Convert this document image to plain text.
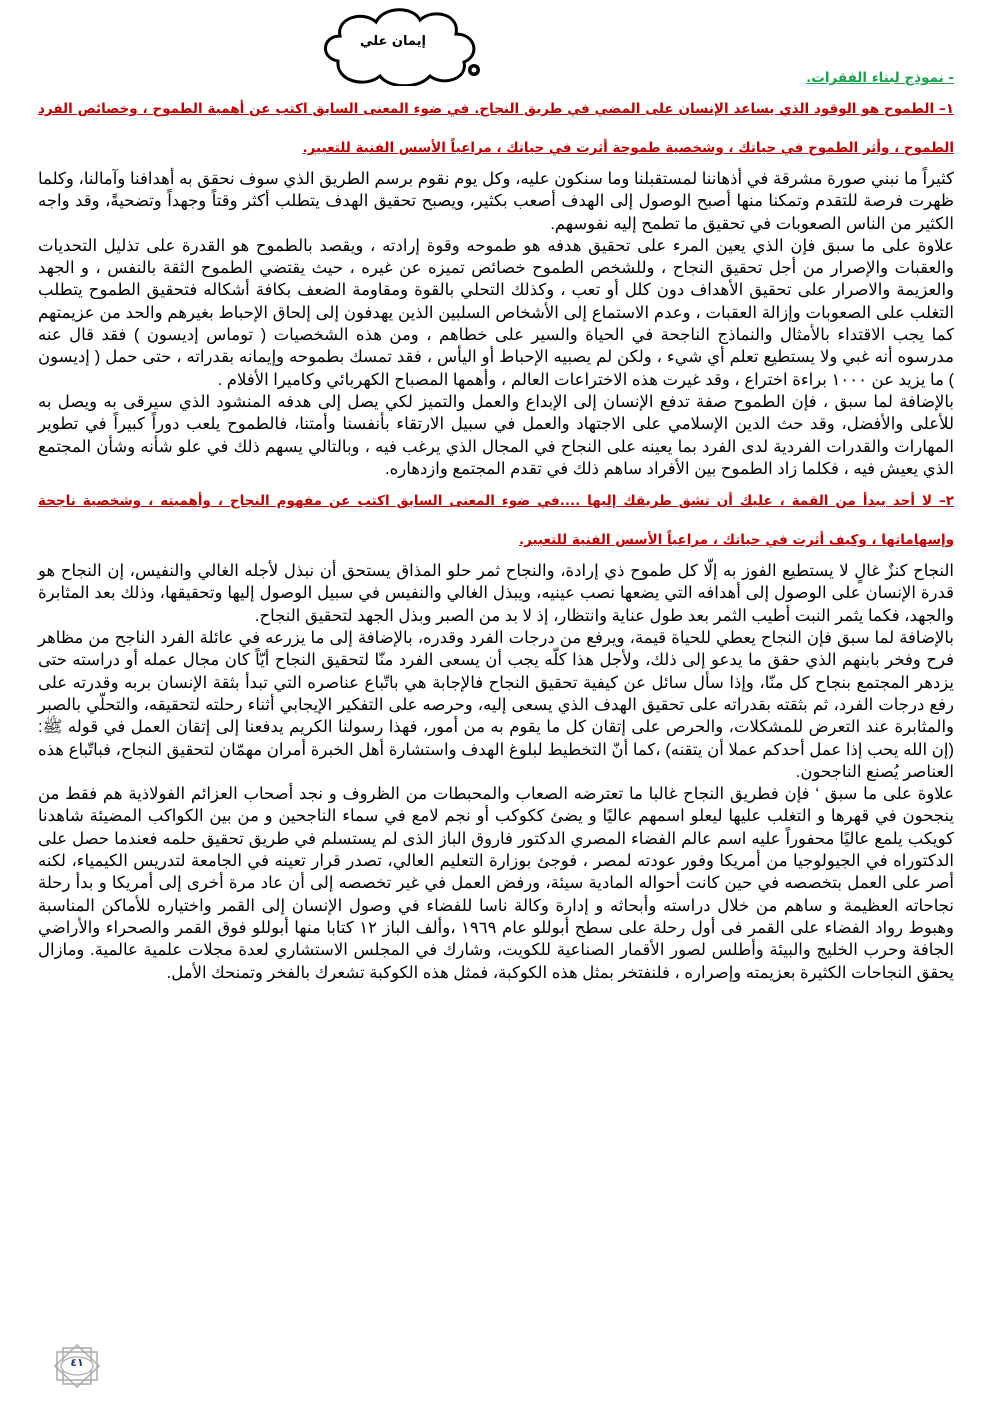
إيمان علي
- نموذج لبناء الفقرات.

١– الطموح هو الوقود الذي يساعد الإنسان على المضي في طريق النجاح. في ضوء المعنى السابق اكتب عن أهمية الطموح ، وخصائص الفرد الطموح ، وأثر الطموح في حياتك ، وشخصية طموحة أثرت في حياتك ، مراعياً الأسس الفنية للتعبير.

كثيراً ما نبني صورة مشرقة في أذهاننا لمستقبلنا وما سنكون عليه، وكل يوم نقوم برسم الطريق الذي سوف نحقق به أهدافنا وآمالنا، وكلما ظهرت فرصة للتقدم وتمكنا منها أصبح الوصول إلى الهدف أصعب بكثير، ويصبح تحقيق الهدف يتطلب أكثر وقتاً وجهداً وتضحيةً، وقد واجه الكثير من الناس الصعوبات في تحقيق ما تطمح إليه نفوسهم.

علاوة على ما سبق فإن الذي يعين المرء على تحقيق هدفه هو طموحه وقوة إرادته ، ويقصد بالطموح هو القدرة على تذليل التحديات والعقبات والإصرار من أجل تحقيق النجاح ، وللشخص الطموح خصائص تميزه عن غيره ، حيث يقتضي الطموح الثقة بالنفس ، و الجهد والعزيمة والاصرار على تحقيق الأهداف دون كلل أو تعب ، وكذلك التحلي بالقوة ومقاومة الضعف بكافة أشكاله فتحقيق الطموح يتطلب التغلب على الصعوبات وإزالة العقبات ، وعدم الاستماع إلى الأشخاص السلبين الذين يهدفون إلى إلحاق الإحباط بغيرهم والحد من عزيمتهم كما يجب الاقتداء بالأمثال والنماذج الناجحة في الحياة والسير على خطاهم ، ومن هذه الشخصيات ( توماس إديسون ) فقد قال عنه مدرسوه أنه غبي ولا يستطيع تعلم أي شيء ، ولكن لم يصبيه الإحباط أو اليأس ، فقد تمسك بطموحه وإيمانه بقدراته ، حتى حمل ( إديسون ) ما يزيد عن ١٠٠٠ براءة اختراع ، وقد غيرت هذه الاختراعات العالم ، وأهمها المصباح الكهربائي وكاميرا الأفلام .

بالإضافة لما سبق ، فإن الطموح صفة تدفع الإنسان إلى الإبداع والعمل والتميز لكي يصل إلى هدفه المنشود الذي سيرقى به ويصل به للأعلى والأفضل، وقد حث الدين الإسلامي على الاجتهاد والعمل في سبيل الارتقاء بأنفسنا وأمتنا، فالطموح يلعب دوراً كبيراً في تطوير المهارات والقدرات الفردية لدى الفرد بما يعينه على النجاح في المجال الذي يرغب فيه ، وبالتالي يسهم ذلك في علو شأنه وشأن المجتمع الذي يعيش فيه ، فكلما زاد الطموح بين الأفراد ساهم ذلك في تقدم المجتمع وازدهاره.

٢– لا أحد يبدأ من القمة ، عليك أن تشق طريقك إليها ....في ضوء المعنى السابق اكتب عن مفهوم النجاح ، وأهميته ، وشخصية ناجحة وإسهاماتها ، وكيف أثرت في حياتك ، مراعياً الأسس الفنية للتعبير.

النجاح كنزٌ غالٍ لا يستطيع الفوز به إلّا كل طموح ذي إرادة، والنجاح ثمر حلو المذاق يستحق أن نبذل لأجله الغالي والنفيس، إن النجاح هو قدرة الإنسان على الوصول إلى أهدافه التي يضعها نصب عينيه، ويبذل الغالي والنفيس في سبيل الوصول إليها وتحقيقها، وذلك بعد المثابرة والجهد، فكما يثمر النبت أطيب الثمر بعد طول عناية وانتظار، إذ لا بد من الصبر وبذل الجهد لتحقيق النجاح.

بالإضافة لما سبق فإن النجاح يعطي للحياة قيمة، ويرفع من درجات الفرد وقدره، بالإضافة إلى ما يزرعه في عائلة الفرد الناجح من مظاهر فرح وفخر بابنهم الذي حقق ما يدعو إلى ذلك، ولأجل هذا كلّه يجب أن يسعى الفرد منّا لتحقيق النجاح أيّاً كان مجال عمله أو دراسته حتى يزدهر المجتمع بنجاح كل منّا، وإذا سأل سائل عن كيفية تحقيق النجاح فالإجابة هي باتّباع عناصره التي تبدأ بثقة الإنسان بربه وقدرته على رفع درجات الفرد، ثم بثقته بقدراته على تحقيق الهدف الذي يسعى إليه، وحرصه على التفكير الإيجابي أثناء رحلته لتحقيقه، والتحلّي بالصبر والمثابرة عند التعرض للمشكلات، والحرص على إتقان كل ما يقوم به من أمور، فهذا رسولنا الكريم يدفعنا إلى إتقان العمل في قوله ﷺ: (إن الله يحب إذا عمل أحدكم عملا أن يتقنه) ،كما أنّ التخطيط لبلوغ الهدف واستشارة أهل الخبرة أمران مهمّان لتحقيق النجاح، فباتّباع هذه العناصر يُصنع الناجحون.

علاوة على ما سبق ‘ فإن فطريق النجاح غالبا ما تعترضه الصعاب والمحبطات من الظروف و نجد أصحاب العزائم الفولاذية هم فقط من ينجحون في قهرها و التغلب عليها ليعلو اسمهم عاليًا و يضئ ككوكب أو نجم لامع في سماء الناجحين و من بين الكواكب المضيئة شاهدنا كويكب يلمع عاليًا محفوراً عليه اسم عالم الفضاء المصري الدكتور فاروق الباز الذى لم يستسلم في طريق تحقيق حلمه فعندما حصل على الدكتوراه في الجيولوجيا من أمريكا وفور عودته لمصر ، فوجئ بوزارة التعليم العالي، تصدر قرار تعينه في الجامعة لتدريس الكيمياء، لكنه أصر على العمل بتخصصه في حين كانت أحواله المادية سيئة، ورفض العمل في غير تخصصه إلى أن عاد مرة أخرى إلى أمريكا و بدأ رحلة نجاحاته العظيمة و ساهم من خلال دراسته وأبحاثه و إدارة وكالة ناسا للفضاء في وصول الإنسان إلى القمر واختياره للأماكن المناسبة وهبوط رواد الفضاء على القمر فى أول رحلة على سطح أبوللو عام ١٩٦٩ ،وألف الباز ١٢ كتابا منها أبوللو فوق القمر والصحراء والأراضي الجافة وحرب الخليج والبيئة وأطلس لصور الأقمار الصناعية للكويت، وشارك في المجلس الاستشاري لعدة مجلات علمية عالمية. ومازال يحقق النجاحات الكثيرة بعزيمته وإصراره ، فلنفتخر بمثل هذه الكوكبة، فمثل هذه الكوكبة تشعرك بالفخر وتمنحك الأمل.

٤١
